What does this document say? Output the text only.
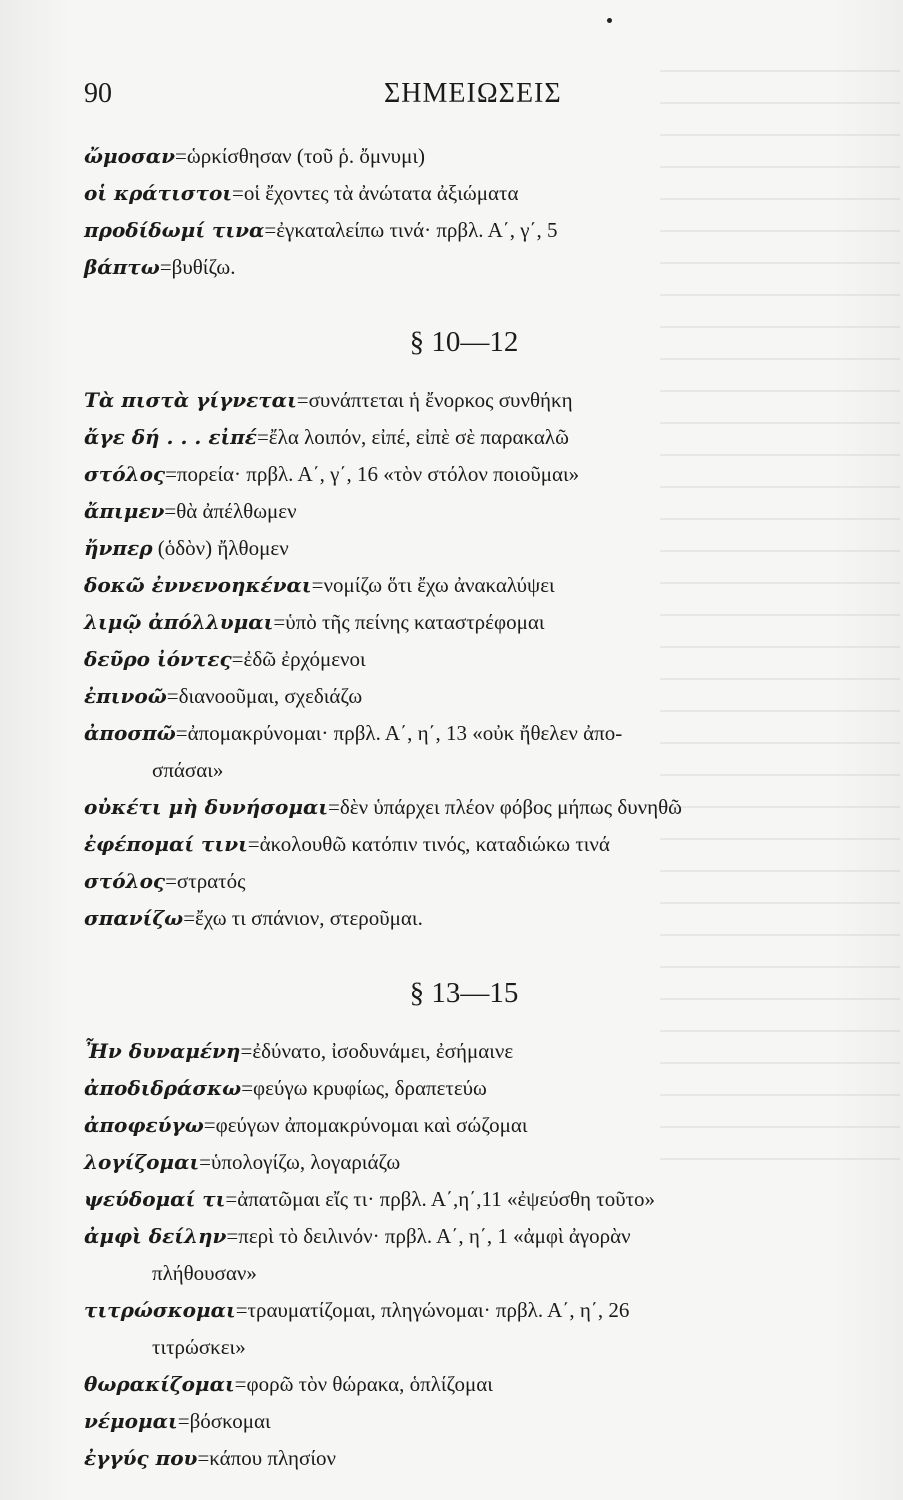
90	ΣΗΜΕΙΩΣΕΙΣ
ὤμοσαν=ὡρκίσθησαν (τοῦ ῥ. ὄμνυμι)
οἱ κράτιστοι=οἱ ἔχοντες τὰ ἀνώτατα ἀξιώματα
προδίδωμί τινα=ἐγκαταλείπω τινά· πρβλ. Α΄, γ΄, 5
βάπτω=βυθίζω.
§ 10—12
Τὰ πιστὰ γίγνεται=συνάπτεται ἡ ἔνορκος συνθήκη
ἄγε δή . . . εἰπέ=ἔλα λοιπόν, εἰπέ, εἰπὲ σὲ παρακαλῶ
στόλος=πορεία· πρβλ. Α΄, γ΄, 16 «τὸν στόλον ποιοῦμαι»
ἄπιμεν=θὰ ἀπέλθωμεν
ἤνπερ (ὁδὸν) ἤλθομεν
δοκῶ ἐννενοηκέναι=νομίζω ὅτι ἔχω ἀνακαλύψει
λιμῷ ἀπόλλυμαι=ὑπὸ τῆς πείνης καταστρέφομαι
δεῦρο ἰόντες=ἐδῶ ἐρχόμενοι
ἐπινοῶ=διανοοῦμαι, σχεδιάζω
ἀποσπῶ=ἀπομακρύνομαι· πρβλ. Α΄, η΄, 13 «οὐκ ἤθελεν ἀπο-
σπάσαι»
οὐκέτι μὴ δυνήσομαι=δὲν ὑπάρχει πλέον φόβος μήπως δυνηθῶ
ἐφέπομαί τινι=ἀκολουθῶ κατόπιν τινός, καταδιώκω τινά
στόλος=στρατός
σπανίζω=ἔχω τι σπάνιον, στεροῦμαι.
§ 13—15
Ἦν δυναμένη=ἐδύνατο, ἰσοδυνάμει, ἐσήμαινε
ἀποδιδράσκω=φεύγω κρυφίως, δραπετεύω
ἀποφεύγω=φεύγων ἀπομακρύνομαι καὶ σώζομαι
λογίζομαι=ὑπολογίζω, λογαριάζω
ψεύδομαί τι=ἀπατῶμαι εἴς τι· πρβλ. Α΄,η΄,11 «ἐψεύσθη τοῦτο»
ἀμφὶ δείλην=περὶ τὸ δειλινόν· πρβλ. Α΄, η΄, 1 «ἀμφὶ ἀγορὰν
πλήθουσαν»
τιτρώσκομαι=τραυματίζομαι, πληγώνομαι· πρβλ. Α΄, η΄, 26
τιτρώσκει»
θωρακίζομαι=φορῶ τὸν θώρακα, ὁπλίζομαι
νέμομαι=βόσκομαι
ἐγγύς που=κάπου πλησίον
